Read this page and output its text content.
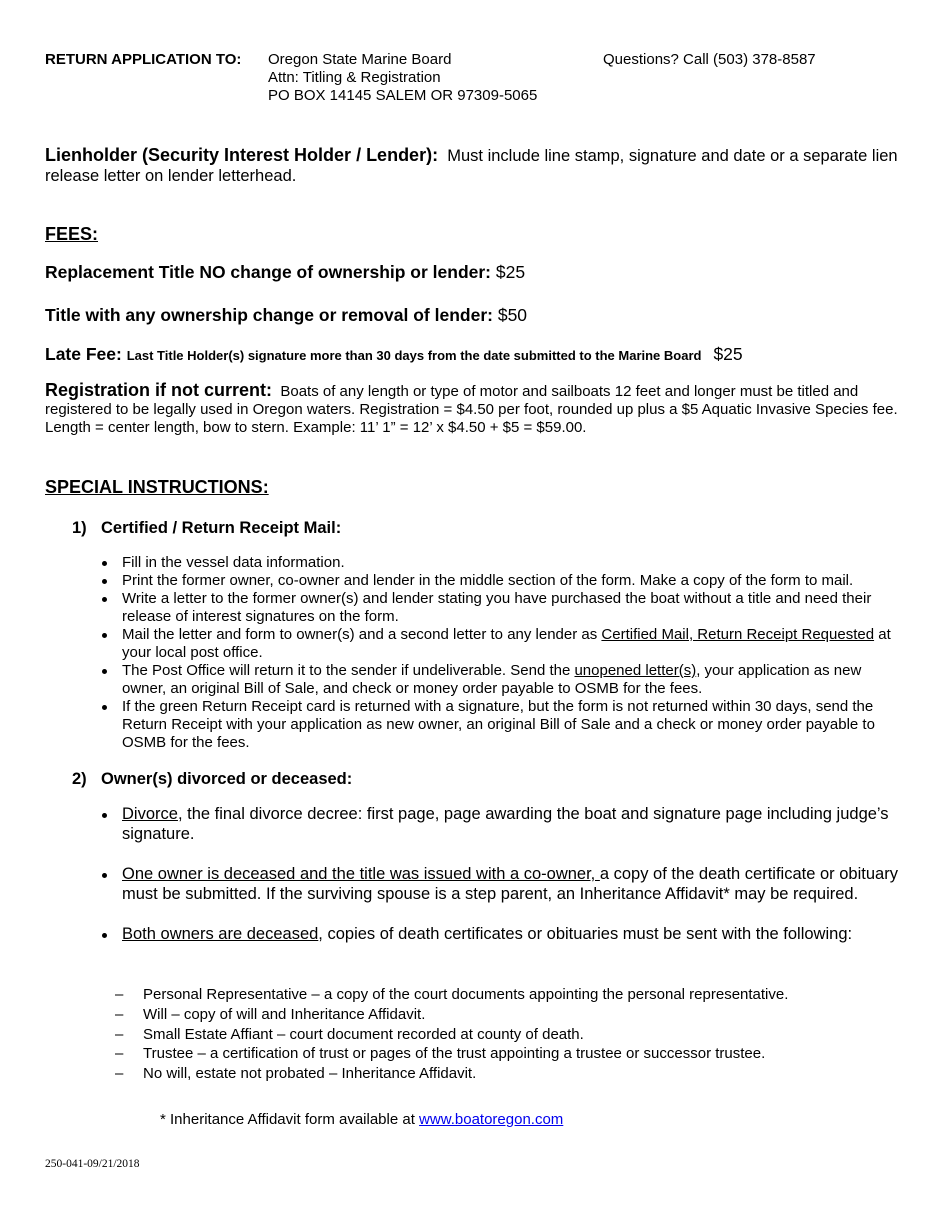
RETURN APPLICATION TO: Oregon State Marine Board
Attn: Titling & Registration
PO BOX 14145 SALEM OR 97309-5065
Questions? Call (503) 378-8587
Lienholder (Security Interest Holder / Lender): Must include line stamp, signature and date or a separate lien release letter on lender letterhead.
FEES:
Replacement Title NO change of ownership or lender: $25
Title with any ownership change or removal of lender: $50
Late Fee: Last Title Holder(s) signature more than 30 days from the date submitted to the Marine Board $25
Registration if not current: Boats of any length or type of motor and sailboats 12 feet and longer must be titled and registered to be legally used in Oregon waters. Registration = $4.50 per foot, rounded up plus a $5 Aquatic Invasive Species fee. Length = center length, bow to stern. Example: 11’ 1” = 12’ x $4.50 + $5 = $59.00.
SPECIAL INSTRUCTIONS:
1) Certified / Return Receipt Mail:
Fill in the vessel data information.
Print the former owner, co-owner and lender in the middle section of the form. Make a copy of the form to mail.
Write a letter to the former owner(s) and lender stating you have purchased the boat without a title and need their release of interest signatures on the form.
Mail the letter and form to owner(s) and a second letter to any lender as Certified Mail, Return Receipt Requested at your local post office.
The Post Office will return it to the sender if undeliverable. Send the unopened letter(s), your application as new owner, an original Bill of Sale, and check or money order payable to OSMB for the fees.
If the green Return Receipt card is returned with a signature, but the form is not returned within 30 days, send the Return Receipt with your application as new owner, an original Bill of Sale and a check or money order payable to OSMB for the fees.
2) Owner(s) divorced or deceased:
Divorce, the final divorce decree: first page, page awarding the boat and signature page including judge’s signature.
One owner is deceased and the title was issued with a co-owner, a copy of the death certificate or obituary must be submitted. If the surviving spouse is a step parent, an Inheritance Affidavit* may be required.
Both owners are deceased, copies of death certificates or obituaries must be sent with the following:
– Personal Representative – a copy of the court documents appointing the personal representative.
– Will – copy of will and Inheritance Affidavit.
– Small Estate Affiant – court document recorded at county of death.
– Trustee – a certification of trust or pages of the trust appointing a trustee or successor trustee.
– No will, estate not probated – Inheritance Affidavit.
* Inheritance Affidavit form available at www.boatoregon.com
250-041-09/21/2018
